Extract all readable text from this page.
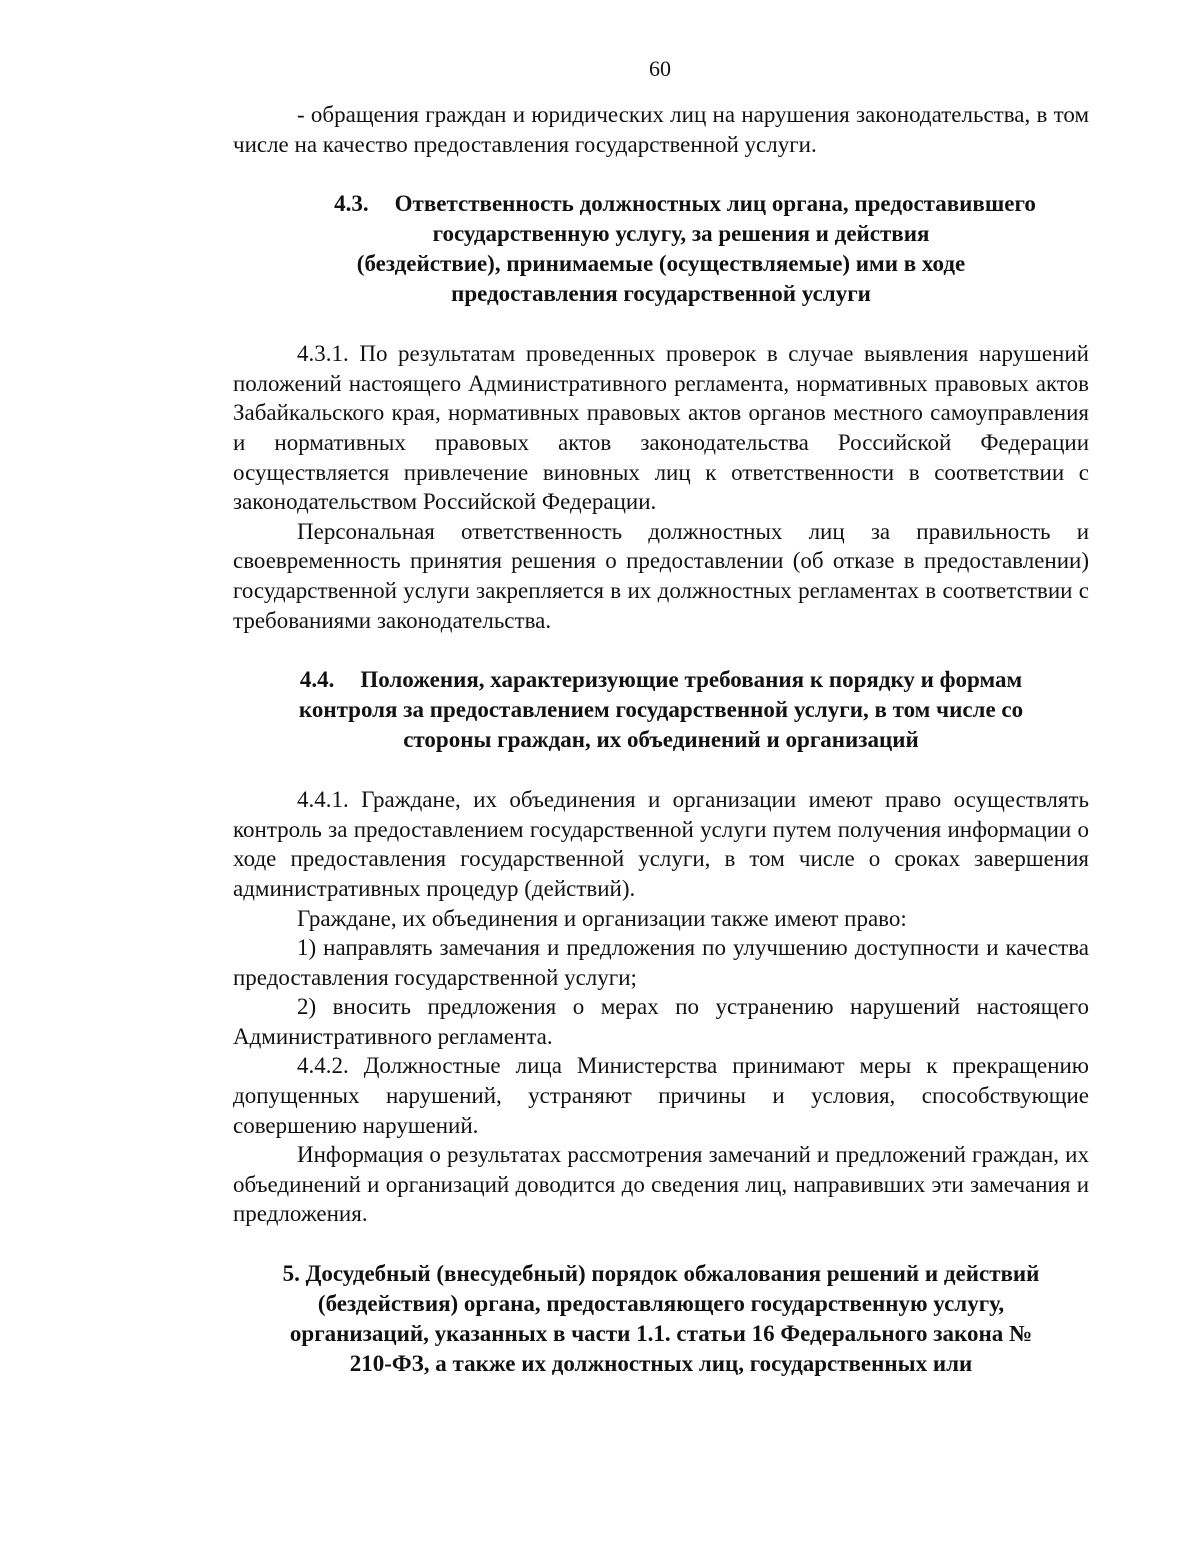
60

- обращения граждан и юридических лиц на нарушения законодательства, в том числе на качество предоставления государственной услуги.

4.3. Ответственность должностных лиц органа, предоставившего
государственную услугу, за решения и действия
(бездействие), принимаемые (осуществляемые) ими в ходе
предоставления государственной услуги

4.3.1. По результатам проведенных проверок в случае выявления нарушений положений настоящего Административного регламента, нормативных правовых актов Забайкальского края, нормативных правовых актов органов местного самоуправления и нормативных правовых актов законодательства Российской Федерации осуществляется привлечение виновных лиц к ответственности в соответствии с законодательством Российской Федерации.

Персональная ответственность должностных лиц за правильность и своевременность принятия решения о предоставлении (об отказе в предоставлении) государственной услуги закрепляется в их должностных регламентах в соответствии с требованиями законодательства.

4.4. Положения, характеризующие требования к порядку и формам
контроля за предоставлением государственной услуги, в том числе со
стороны граждан, их объединений и организаций

4.4.1. Граждане, их объединения и организации имеют право осуществлять контроль за предоставлением государственной услуги путем получения информации о ходе предоставления государственной услуги, в том числе о сроках завершения административных процедур (действий).

Граждане, их объединения и организации также имеют право:

1) направлять замечания и предложения по улучшению доступности и качества предоставления государственной услуги;

2) вносить предложения о мерах по устранению нарушений настоящего Административного регламента.

4.4.2. Должностные лица Министерства принимают меры к прекращению допущенных нарушений, устраняют причины и условия, способствующие совершению нарушений.

Информация о результатах рассмотрения замечаний и предложений граждан, их объединений и организаций доводится до сведения лиц, направивших эти замечания и предложения.

5. Досудебный (внесудебный) порядок обжалования решений и действий
(бездействия) органа, предоставляющего государственную услугу,
организаций, указанных в части 1.1. статьи 16 Федерального закона №
210-ФЗ, а также их должностных лиц, государственных или
